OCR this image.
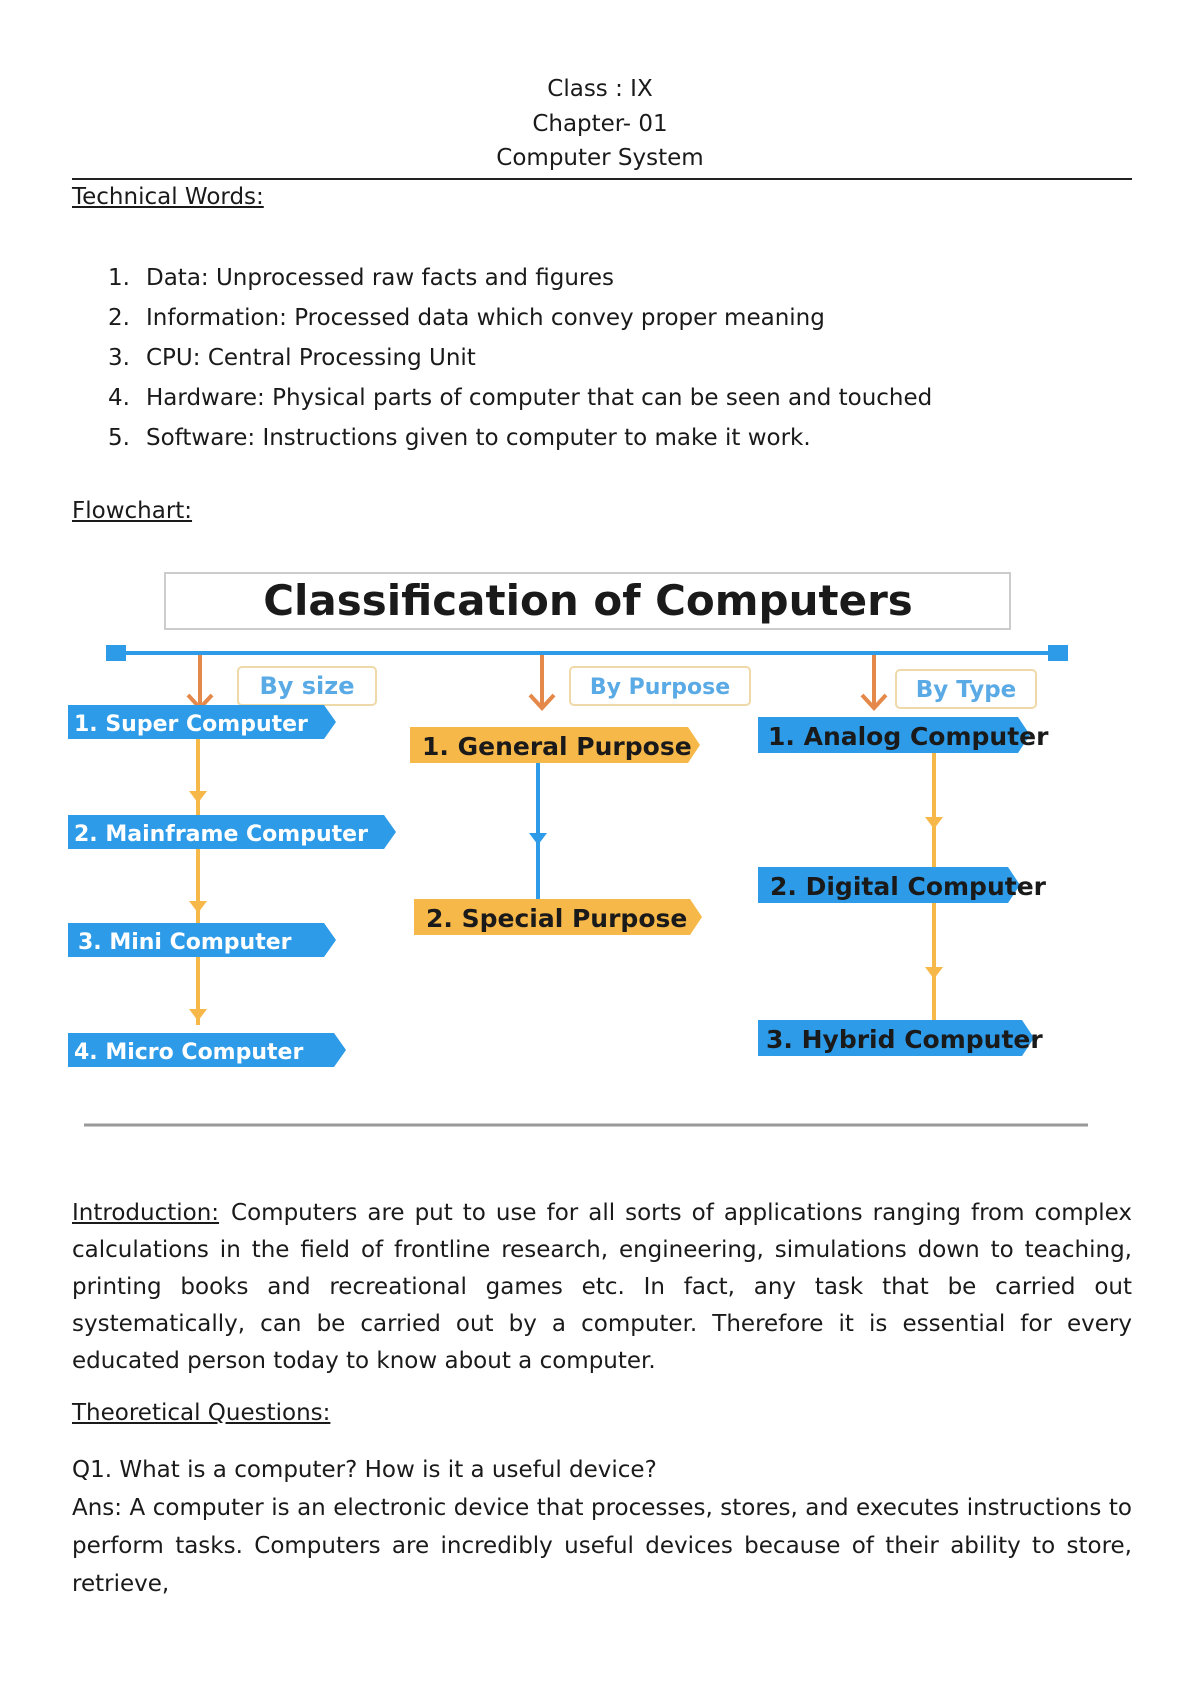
Class : IX
Chapter- 01
Computer System
Technical Words:
1. Data: Unprocessed raw facts and figures
2. Information: Processed data which convey proper meaning
3. CPU: Central Processing Unit
4. Hardware: Physical parts of computer that can be seen and touched
5. Software: Instructions given to computer to make it work.
Flowchart:
Classification of Computers
By size	By Purpose	By Type
1. Super Computer
2. Mainframe Computer
3. Mini Computer
4. Micro Computer
1. General Purpose
2. Special Purpose
1. Analog Computer
2. Digital Computer
3. Hybrid Computer
Introduction: Computers are put to use for all sorts of applications ranging from complex calculations in the field of frontline research, engineering, simulations down to teaching, printing books and recreational games etc. In fact, any task that be carried out systematically, can be carried out by a computer. Therefore it is essential for every educated person today to know about a computer.
Theoretical Questions:
Q1. What is a computer? How is it a useful device?
Ans: A computer is an electronic device that processes, stores, and executes instructions to perform tasks. Computers are incredibly useful devices because of their ability to store, retrieve,
